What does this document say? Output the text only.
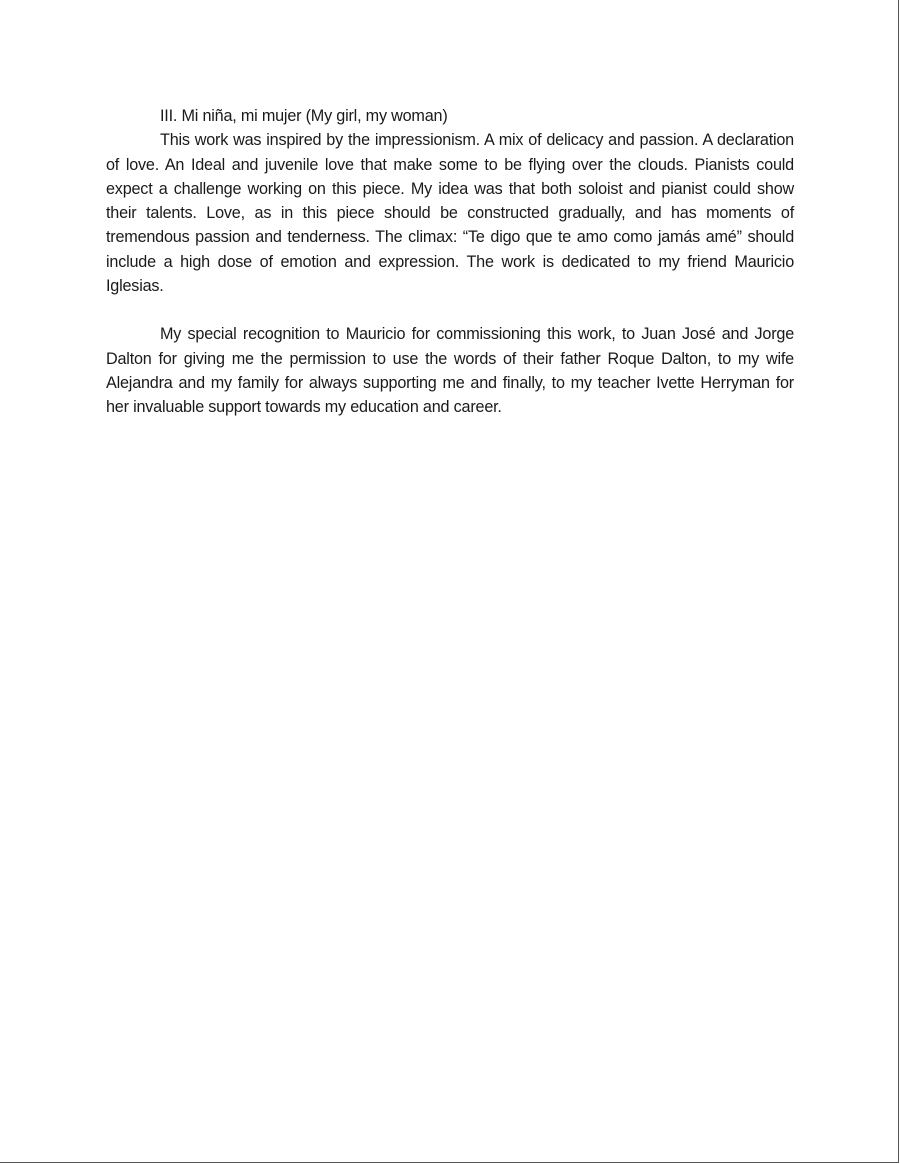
III. Mi niña, mi mujer (My girl, my woman)

This work was inspired by the impressionism. A mix of delicacy and passion. A declaration of love. An Ideal and juvenile love that make some to be flying over the clouds. Pianists could expect a challenge working on this piece. My idea was that both soloist and pianist could show their talents. Love, as in this piece should be constructed gradually, and has moments of tremendous passion and tenderness. The climax: “Te digo que te amo como jamás amé” should include a high dose of emotion and expression. The work is dedicated to my friend Mauricio Iglesias.

My special recognition to Mauricio for commissioning this work, to Juan José and Jorge Dalton for giving me the permission to use the words of their father Roque Dalton, to my wife Alejandra and my family for always supporting me and finally, to my teacher Ivette Herryman for her invaluable support towards my education and career.
